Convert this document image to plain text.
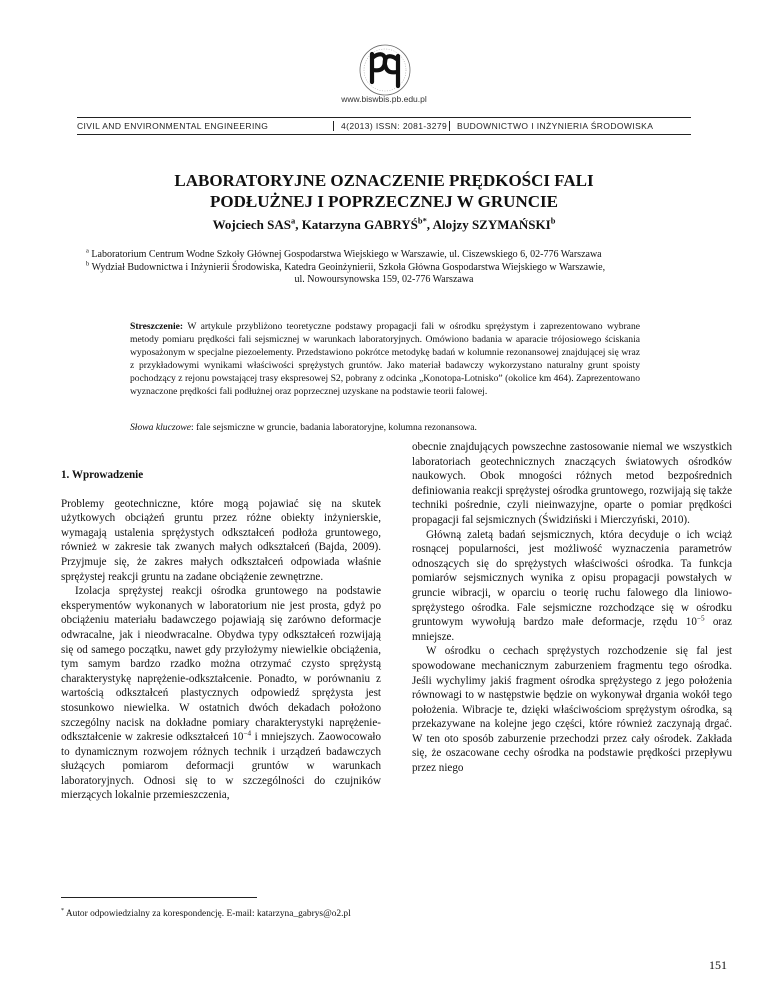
www.biswbis.pb.edu.pl
CIVIL AND ENVIRONMENTAL ENGINEERING	4(2013) ISSN: 2081-3279	BUDOWNICTWO I INŻYNIERIA ŚRODOWISKA
LABORATORYJNE OZNACZENIE PRĘDKOŚCI FALI
PODŁUŻNEJ I POPRZECZNEJ W GRUNCIE
Wojciech SAS$^a$, Katarzyna $GABRYŚ^{b*}$, Alojzy SZYMAŃSKI$^b$

$^a$ Laboratorium Centrum Wodne Szkoły Głównej Gospodarstwa Wiejskiego w Warszawie, ul. Ciszewskiego 6, 02-776 Warszawa

$^b$ Wydział Budownictwa i Inżynierii Środowiska, Katedra Geoinżynierii, Szkoła Główna Gospodarstwa Wiejskiego w Warszawie,

ul. Nowoursynowska 159, 02-776 Warszawa

Streszczenie: W artykule przybliżono teoretyczne podstawy propagacji fali w ośrodku sprężystym i zaprezentowano wybrane metody pomiaru prędkości fali sejsmicznej w warunkach laboratoryjnych. Omówiono badania w aparacie trójosiowego ściskania wyposażonym w specjalne piezoelementy. Przedstawiono pokrótce metodykę badań w kolumnie rezonansowej znajdującej się wraz z przykładowymi wynikami właściwości sprężystych gruntów. Jako materiał badawczy wykorzystano naturalny grunt spoisty pochodzący z rejonu powstającej trasy ekspresowej S2, pobrany z odcinka „Konotopa-Lotnisko” (okolice km 464). Zaprezentowano wyznaczone prędkości fali podłużnej oraz poprzecznej uzyskane na podstawie teorii falowej.
Słowa kluczowe: fale sejsmiczne w gruncie, badania laboratoryjne, kolumna rezonansowa.

1. Wprowadzenie

Problemy geotechniczne, które mogą pojawiać się na skutek użytkowych obciążeń gruntu przez różne obiekty inżynierskie, wymagają ustalenia sprężystych odkształceń podłoża gruntowego, również w zakresie tak zwanych małych odkształceń (Bajda, 2009). Przyjmuje się, że zakres małych odkształceń odpowiada właśnie sprężystej reakcji gruntu na zadane obciążenie zewnętrzne.

Izolacja sprężystej reakcji ośrodka gruntowego na podstawie eksperymentów wykonanych w laboratorium nie jest prosta, gdyż po obciążeniu materiału badawczego pojawiają się zarówno deformacje odwracalne, jak i nieodwracalne. Obydwa typy odkształceń rozwijają się od samego początku, nawet gdy przyłożymy niewielkie obciążenia, tym samym bardzo rzadko można otrzymać czysto sprężystą charakterystykę naprężenie-odkształcenie. Ponadto, w porównaniu z wartością odkształceń plastycznych odpowiedź sprężysta jest stosunkowo niewielka. W ostatnich dwóch dekadach położono szczególny nacisk na dokładne pomiary charakterystyki naprężenie-odkształcenie w zakresie odkształceń $10^{-4}$ i mniejszych. Zaowocowało to dynamicznym rozwojem różnych technik i urządzeń badawczych służących pomiarom deformacji gruntów w warunkach laboratoryjnych. Odnosi się to w szczególności do czujników mierzących lokalnie przemieszczenia,

obecnie znajdujących powszechne zastosowanie niemal we wszystkich laboratoriach geotechnicznych znaczących światowych ośrodków naukowych. Obok mnogości różnych metod bezpośrednich definiowania reakcji sprężystej ośrodka gruntowego, rozwijają się także techniki pośrednie, czyli nieinwazyjne, oparte o pomiar prędkości propagacji fal sejsmicznych (Świdziński i Mierczyński, 2010).

Główną zaletą badań sejsmicznych, która decyduje o ich wciąż rosnącej popularności, jest możliwość wyznaczenia parametrów odnoszących się do sprężystych właściwości ośrodka. Ta funkcja pomiarów sejsmicznych wynika z opisu propagacji powstałych w gruncie wibracji, w oparciu o teorię ruchu falowego dla liniowo-sprężystego ośrodka. Fale sejsmiczne rozchodzące się w ośrodku gruntowym wywołują bardzo małe deformacje, rzędu $10^{-5}$ oraz mniejsze.

W ośrodku o cechach sprężystych rozchodzenie się fal jest spowodowane mechanicznym zaburzeniem fragmentu tego ośrodka. Jeśli wychylimy jakiś fragment ośrodka sprężystego z jego położenia równowagi to w następstwie będzie on wykonywał drgania wokół tego położenia. Wibracje te, dzięki właściwościom sprężystym ośrodka, są przekazywane na kolejne jego części, które również zaczynają drgać. W ten oto sposób zaburzenie przechodzi przez cały ośrodek. Zakłada się, że oszacowane cechy ośrodka na podstawie prędkości przepływu przez niego

* Autor odpowiedzialny za korespondencję. E-mail: katarzyna_gabrys@o2.pl
151
